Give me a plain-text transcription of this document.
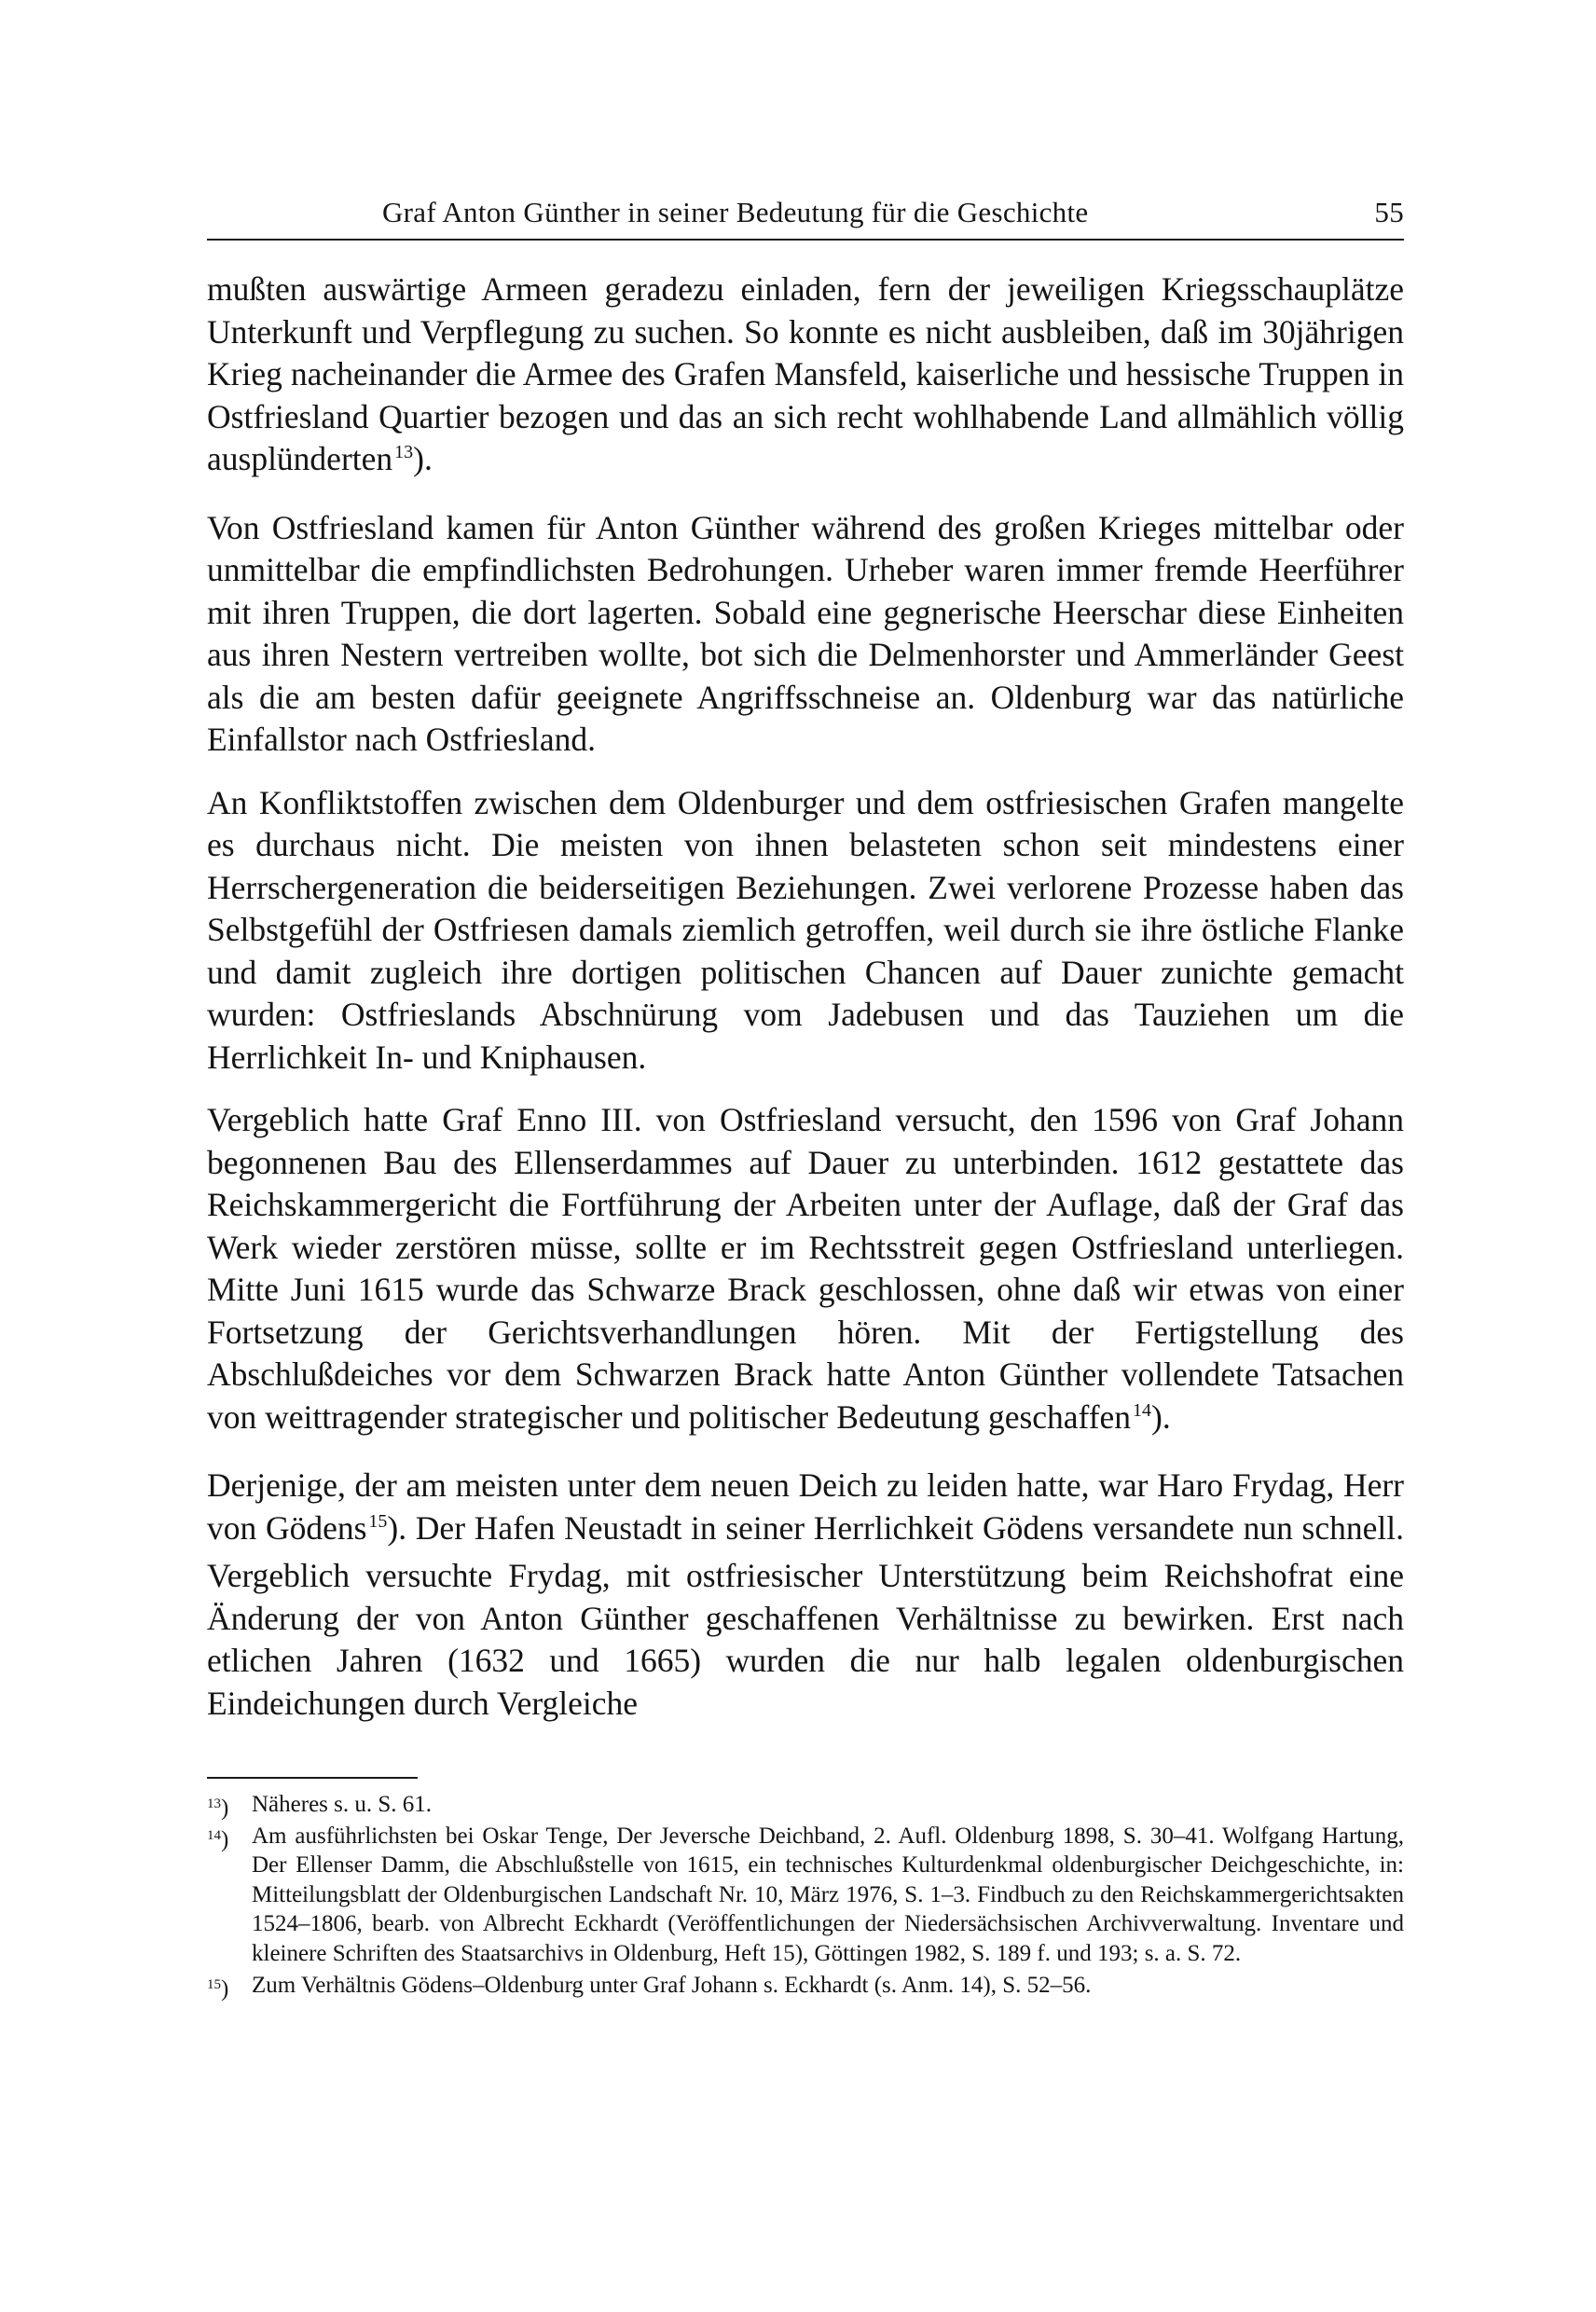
Graf Anton Günther in seiner Bedeutung für die Geschichte	55

mußten auswärtige Armeen geradezu einladen, fern der jeweiligen Kriegsschauplätze Unterkunft und Verpflegung zu suchen. So konnte es nicht ausbleiben, daß im 30jährigen Krieg nacheinander die Armee des Grafen Mansfeld, kaiserliche und hessische Truppen in Ostfriesland Quartier bezogen und das an sich recht wohlhabende Land allmählich völlig ausplünderten $^{13}$).

Von Ostfriesland kamen für Anton Günther während des großen Krieges mittelbar oder unmittelbar die empfindlichsten Bedrohungen. Urheber waren immer fremde Heerführer mit ihren Truppen, die dort lagerten. Sobald eine gegnerische Heerschar diese Einheiten aus ihren Nestern vertreiben wollte, bot sich die Delmenhorster und Ammerländer Geest als die am besten dafür geeignete Angriffsschneise an. Oldenburg war das natürliche Einfallstor nach Ostfriesland.

An Konfliktstoffen zwischen dem Oldenburger und dem ostfriesischen Grafen mangelte es durchaus nicht. Die meisten von ihnen belasteten schon seit mindestens einer Herrschergeneration die beiderseitigen Beziehungen. Zwei verlorene Prozesse haben das Selbstgefühl der Ostfriesen damals ziemlich getroffen, weil durch sie ihre östliche Flanke und damit zugleich ihre dortigen politischen Chancen auf Dauer zunichte gemacht wurden: Ostfrieslands Abschnürung vom Jadebusen und das Tauziehen um die Herrlichkeit In- und Kniphausen.

Vergeblich hatte Graf Enno III. von Ostfriesland versucht, den 1596 von Graf Johann begonnenen Bau des Ellenserdammes auf Dauer zu unterbinden. 1612 gestattete das Reichskammergericht die Fortführung der Arbeiten unter der Auflage, daß der Graf das Werk wieder zerstören müsse, sollte er im Rechtsstreit gegen Ostfriesland unterliegen. Mitte Juni 1615 wurde das Schwarze Brack geschlossen, ohne daß wir etwas von einer Fortsetzung der Gerichtsverhandlungen hören. Mit der Fertigstellung des Abschlußdeiches vor dem Schwarzen Brack hatte Anton Günther vollendete Tatsachen von weittragender strategischer und politischer Bedeutung geschaffen $^{14}$).

Derjenige, der am meisten unter dem neuen Deich zu leiden hatte, war Haro Frydag, Herr von Gödens $^{15}$). Der Hafen Neustadt in seiner Herrlichkeit Gödens versandete nun schnell. Vergeblich versuchte Frydag, mit ostfriesischer Unterstützung beim Reichshofrat eine Änderung der von Anton Günther geschaffenen Verhältnisse zu bewirken. Erst nach etlichen Jahren (1632 und 1665) wurden die nur halb legalen oldenburgischen Eindeichungen durch Vergleiche

$^{13}$) Näheres s. u. S. 61.
$^{14}$) Am ausführlichsten bei Oskar Tenge, Der Jeversche Deichband, 2. Aufl. Oldenburg 1898, S. 30–41. Wolfgang Hartung, Der Ellenser Damm, die Abschlußstelle von 1615, ein technisches Kulturdenkmal oldenburgischer Deichgeschichte, in: Mitteilungsblatt der Oldenburgischen Landschaft Nr. 10, März 1976, S. 1–3. Findbuch zu den Reichskammergerichtsakten 1524–1806, bearb. von Albrecht Eckhardt (Veröffentlichungen der Niedersächsischen Archivverwaltung. Inventare und kleinere Schriften des Staatsarchivs in Oldenburg, Heft 15), Göttingen 1982, S. 189 f. und 193; s. a. S. 72.
$^{15}$) Zum Verhältnis Gödens–Oldenburg unter Graf Johann s. Eckhardt (s. Anm. 14), S. 52–56.
